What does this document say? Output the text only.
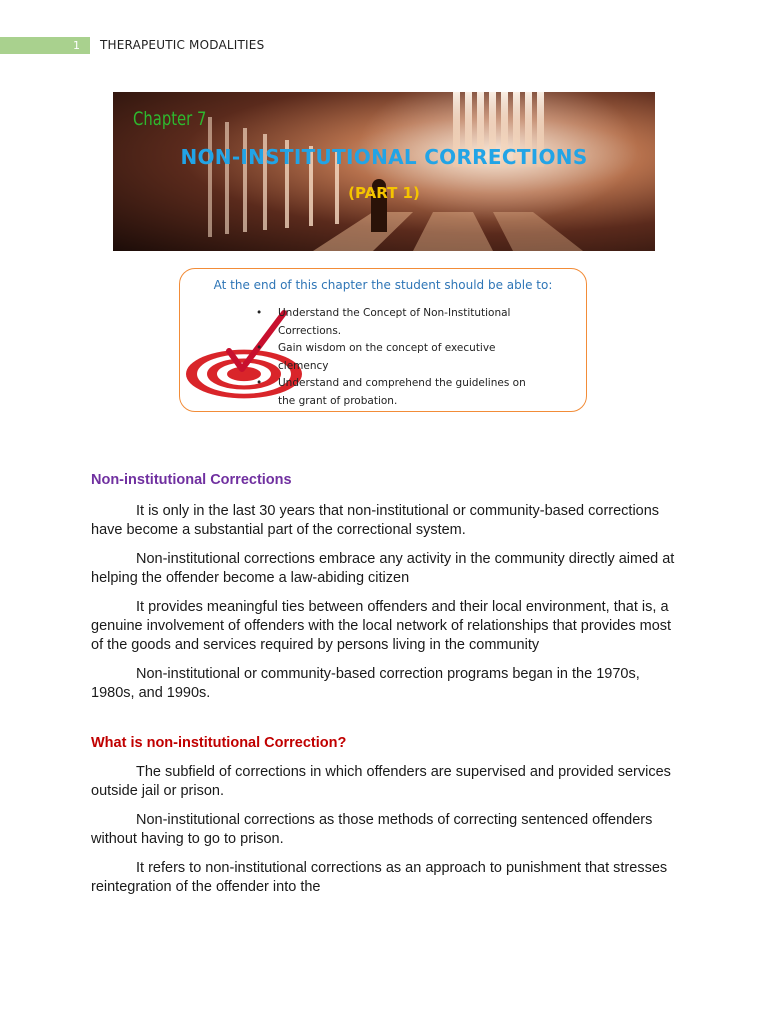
1 THERAPEUTIC MODALITIES
Chapter 7
NON-INSTITUTIONAL CORRECTIONS
(PART 1)
At the end of this chapter the student should be able to:
• Understand the Concept of Non-Institutional Corrections.
• Gain wisdom on the concept of executive clemency
• Understand and comprehend the guidelines on the grant of probation.
Non-institutional Corrections

It is only in the last 30 years that non-institutional or community-based corrections have become a substantial part of the correctional system.

Non-institutional corrections embrace any activity in the community directly aimed at helping the offender become a law-abiding citizen

It provides meaningful ties between offenders and their local environment, that is, a genuine involvement of offenders with the local network of relationships that provides most of the goods and services required by persons living in the community

Non-institutional or community-based correction programs began in the 1970s, 1980s, and 1990s.

What is non-institutional Correction?

The subfield of corrections in which offenders are supervised and provided services outside jail or prison.

Non-institutional corrections as those methods of correcting sentenced offenders without having to go to prison.

It refers to non-institutional corrections as an approach to punishment that stresses reintegration of the offender into the
